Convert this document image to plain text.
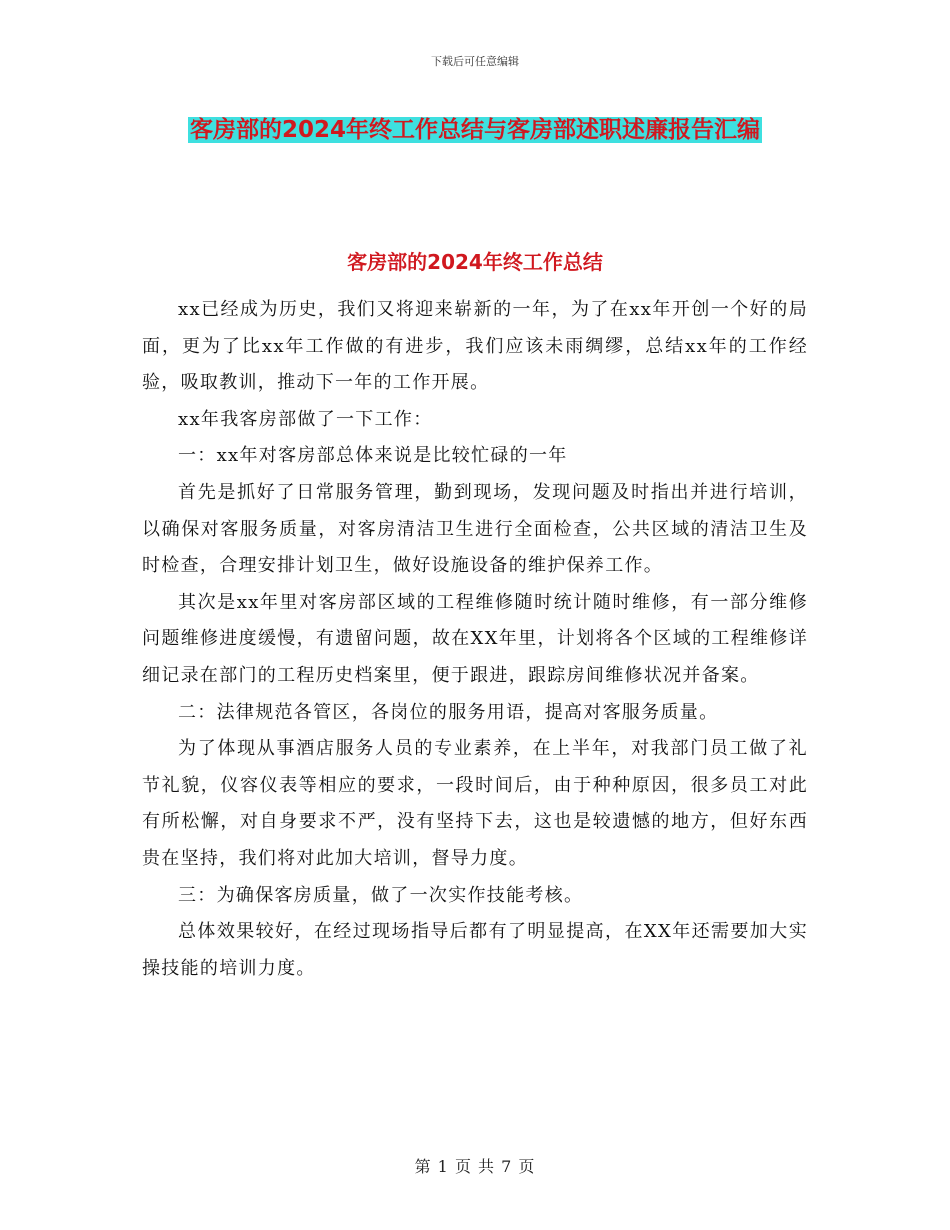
下载后可任意编辑
客房部的2024年终工作总结与客房部述职述廉报告汇编
客房部的2024年终工作总结

xx已经成为历史，我们又将迎来崭新的一年，为了在xx年开创一个好的局面，更为了比xx年工作做的有进步，我们应该未雨绸缪，总结xx年的工作经验，吸取教训，推动下一年的工作开展。

xx年我客房部做了一下工作：

一：xx年对客房部总体来说是比较忙碌的一年

首先是抓好了日常服务管理，勤到现场，发现问题及时指出并进行培训，以确保对客服务质量，对客房清洁卫生进行全面检查，公共区域的清洁卫生及时检查，合理安排计划卫生，做好设施设备的维护保养工作。

其次是xx年里对客房部区域的工程维修随时统计随时维修，有一部分维修问题维修进度缓慢，有遗留问题，故在XX年里，计划将各个区域的工程维修详细记录在部门的工程历史档案里，便于跟进，跟踪房间维修状况并备案。

二：法律规范各管区，各岗位的服务用语，提高对客服务质量。

为了体现从事酒店服务人员的专业素养，在上半年，对我部门员工做了礼节礼貌，仪容仪表等相应的要求，一段时间后，由于种种原因，很多员工对此有所松懈，对自身要求不严，没有坚持下去，这也是较遗憾的地方，但好东西贵在坚持，我们将对此加大培训，督导力度。

三：为确保客房质量，做了一次实作技能考核。

总体效果较好，在经过现场指导后都有了明显提高，在XX年还需要加大实操技能的培训力度。

第 1 页 共 7 页
